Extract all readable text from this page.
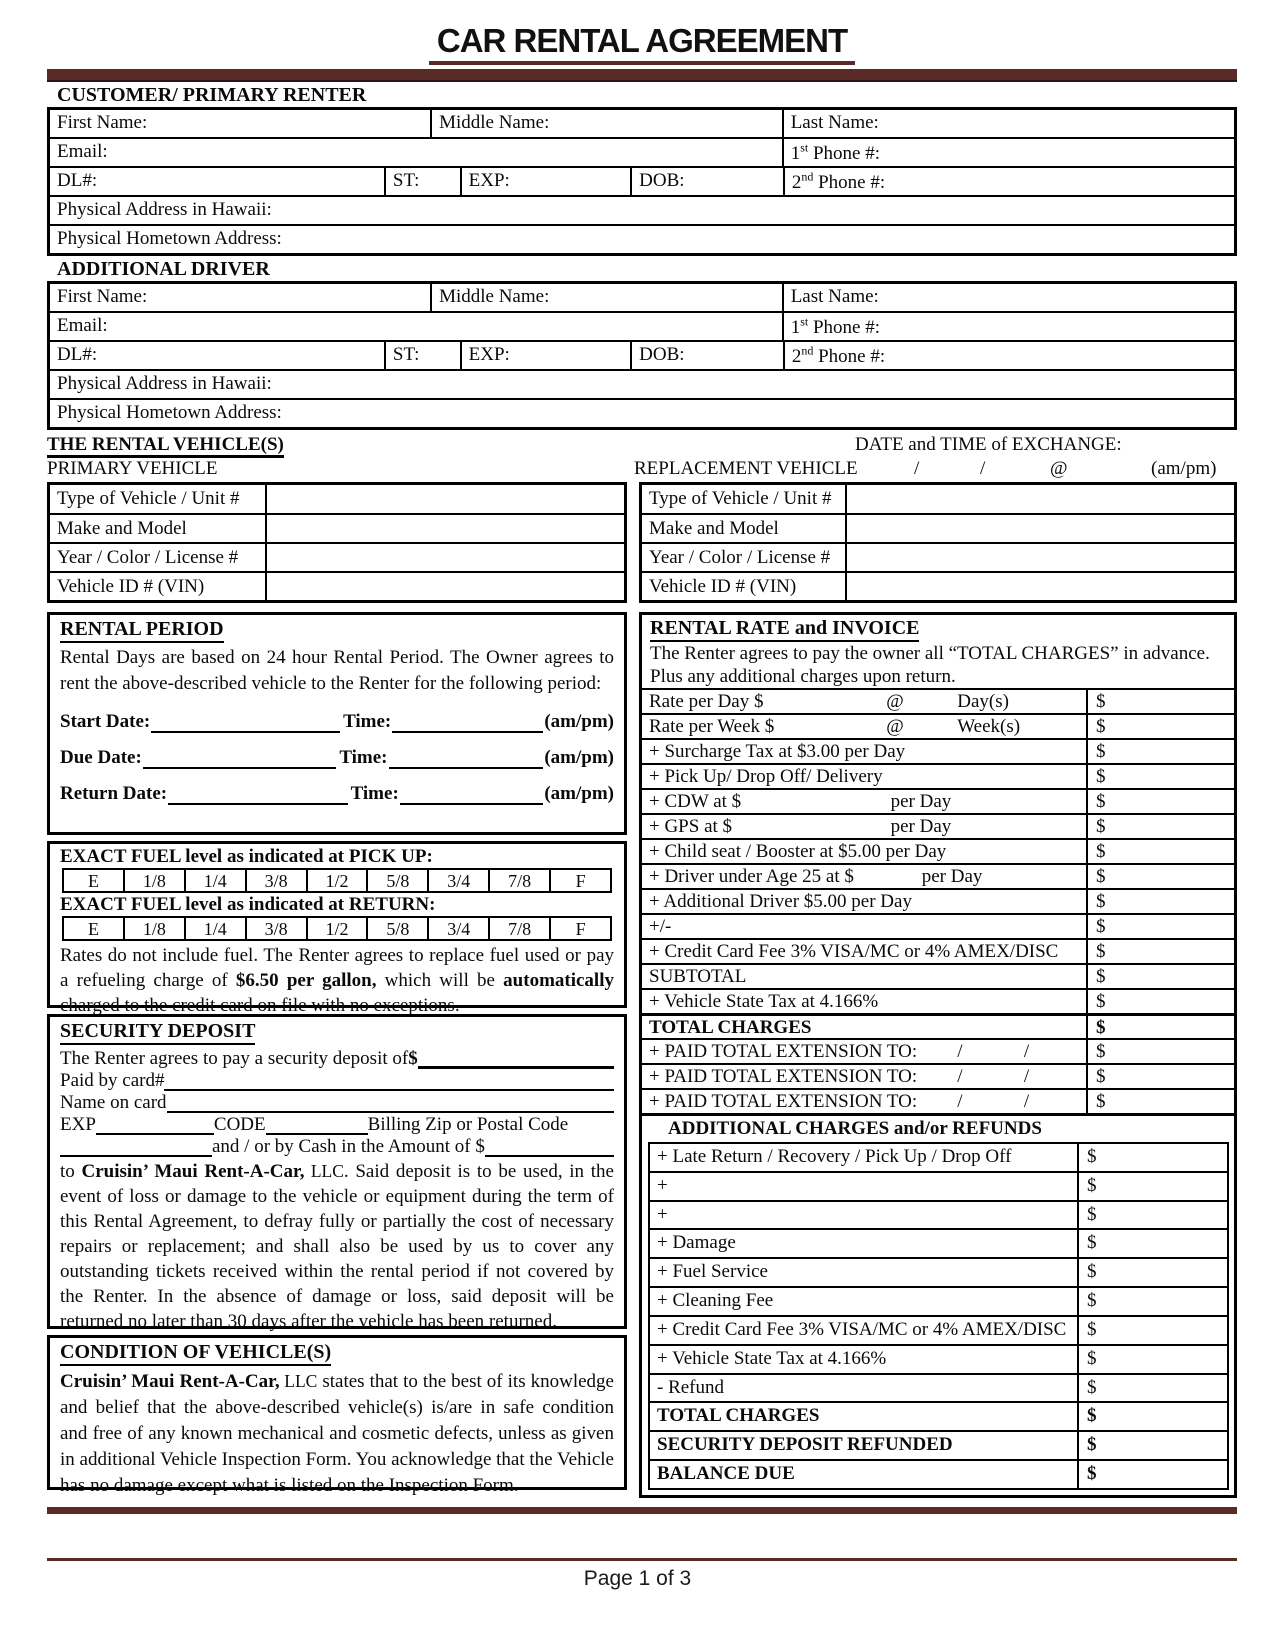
CAR RENTAL AGREEMENT
CUSTOMER/ PRIMARY RENTER
First Name:	Middle Name:	Last Name:
Email:	1st Phone #:
DL#:	ST:	EXP:	DOB:	2nd Phone #:
Physical Address in Hawaii:
Physical Hometown Address:
ADDITIONAL DRIVER
First Name:	Middle Name:	Last Name:
Email:	1st Phone #:
DL#:	ST:	EXP:	DOB:	2nd Phone #:
Physical Address in Hawaii:
Physical Hometown Address:
THE RENTAL VEHICLE(S)	DATE and TIME of EXCHANGE:
PRIMARY VEHICLE	REPLACEMENT VEHICLE	/	/	@	(am/pm)
Type of Vehicle / Unit #
Make and Model
Year / Color / License #
Vehicle ID # (VIN)
Type of Vehicle / Unit #
Make and Model
Year / Color / License #
Vehicle ID # (VIN)
RENTAL PERIOD
Rental Days are based on 24 hour Rental Period. The Owner agrees to rent the above-described vehicle to the Renter for the following period:
Start Date:	Time:	(am/pm)
Due Date:	Time:	(am/pm)
Return Date:	Time:	(am/pm)
EXACT FUEL level as indicated at PICK UP:
E	1/8	1/4	3/8	1/2	5/8	3/4	7/8	F
EXACT FUEL level as indicated at RETURN:
E	1/8	1/4	3/8	1/2	5/8	3/4	7/8	F
Rates do not include fuel. The Renter agrees to replace fuel used or pay a refueling charge of $6.50 per gallon, which will be automatically charged to the credit card on file with no exceptions.
SECURITY DEPOSIT
The Renter agrees to pay a security deposit of $
Paid by card#
Name on card
EXP	CODE	Billing Zip or Postal Code
and / or by Cash in the Amount of $
to Cruisin’ Maui Rent-A-Car, LLC. Said deposit is to be used, in the event of loss or damage to the vehicle or equipment during the term of this Rental Agreement, to defray fully or partially the cost of necessary repairs or replacement; and shall also be used by us to cover any outstanding tickets received within the rental period if not covered by the Renter. In the absence of damage or loss, said deposit will be returned no later than 30 days after the vehicle has been returned.
CONDITION OF VEHICLE(S)
Cruisin’ Maui Rent-A-Car, LLC states that to the best of its knowledge and belief that the above-described vehicle(s) is/are in safe condition and free of any known mechanical and cosmetic defects, unless as given in additional Vehicle Inspection Form. You acknowledge that the Vehicle has no damage except what is listed on the Inspection Form.
RENTAL RATE and INVOICE
The Renter agrees to pay the owner all “TOTAL CHARGES” in advance.
Plus any additional charges upon return.
Rate per Day $	@	Day(s)	$
Rate per Week $	@	Week(s)	$
+ Surcharge Tax at $3.00 per Day	$
+ Pick Up/ Drop Off/ Delivery	$
+ CDW at $	per Day	$
+ GPS at $	per Day	$
+ Child seat / Booster at $5.00 per Day	$
+ Driver under Age 25 at $	per Day	$
+ Additional Driver $5.00 per Day	$
+/-	$
+ Credit Card Fee 3% VISA/MC or 4% AMEX/DISC	$
SUBTOTAL	$
+ Vehicle State Tax at 4.166%	$
TOTAL CHARGES	$
+ PAID TOTAL EXTENSION TO: /	/	$
+ PAID TOTAL EXTENSION TO: /	/	$
+ PAID TOTAL EXTENSION TO: /	/	$
ADDITIONAL CHARGES and/or REFUNDS
+ Late Return / Recovery / Pick Up / Drop Off	$
+	$
+	$
+ Damage	$
+ Fuel Service	$
+ Cleaning Fee	$
+ Credit Card Fee 3% VISA/MC or 4% AMEX/DISC	$
+ Vehicle State Tax at 4.166%	$
- Refund	$
TOTAL CHARGES	$
SECURITY DEPOSIT REFUNDED	$
BALANCE DUE	$
Page 1 of 3
